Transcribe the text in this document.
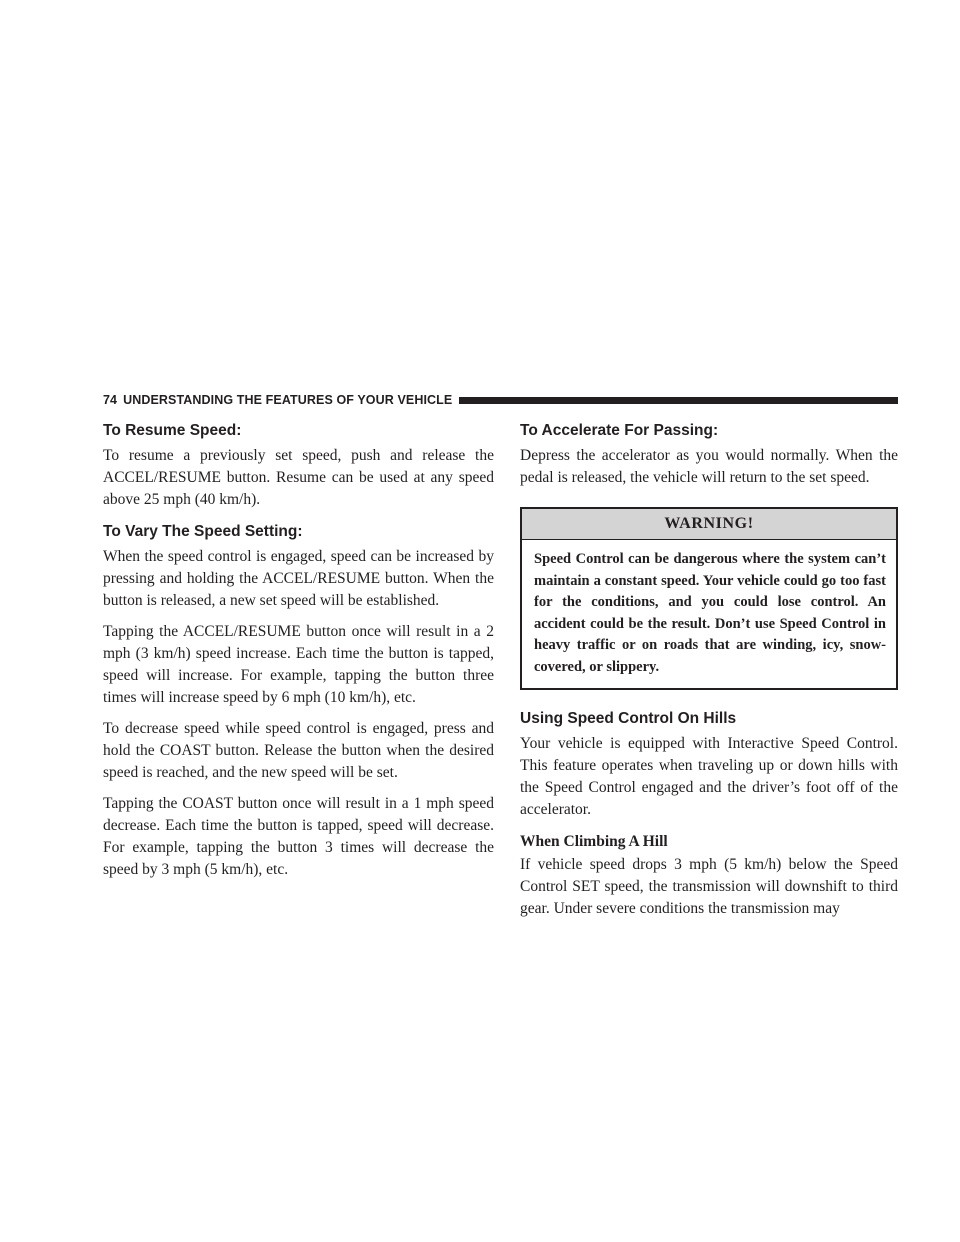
74 UNDERSTANDING THE FEATURES OF YOUR VEHICLE
To Resume Speed:

To resume a previously set speed, push and release the ACCEL/RESUME button. Resume can be used at any speed above 25 mph (40 km/h).

To Vary The Speed Setting:

When the speed control is engaged, speed can be increased by pressing and holding the ACCEL/RESUME button. When the button is released, a new set speed will be established.

Tapping the ACCEL/RESUME button once will result in a 2 mph (3 km/h) speed increase. Each time the button is tapped, speed will increase. For example, tapping the button three times will increase speed by 6 mph (10 km/h), etc.

To decrease speed while speed control is engaged, press and hold the COAST button. Release the button when the desired speed is reached, and the new speed will be set.

Tapping the COAST button once will result in a 1 mph speed decrease. Each time the button is tapped, speed will decrease. For example, tapping the button 3 times will decrease the speed by 3 mph (5 km/h), etc.

To Accelerate For Passing:

Depress the accelerator as you would normally. When the pedal is released, the vehicle will return to the set speed.

WARNING!
Speed Control can be dangerous where the system can’t maintain a constant speed. Your vehicle could go too fast for the conditions, and you could lose control. An accident could be the result. Don’t use Speed Control in heavy traffic or on roads that are winding, icy, snow-covered, or slippery.
Using Speed Control On Hills

Your vehicle is equipped with Interactive Speed Control. This feature operates when traveling up or down hills with the Speed Control engaged and the driver’s foot off of the accelerator.

When Climbing A Hill

If vehicle speed drops 3 mph (5 km/h) below the Speed Control SET speed, the transmission will downshift to third gear. Under severe conditions the transmission may
